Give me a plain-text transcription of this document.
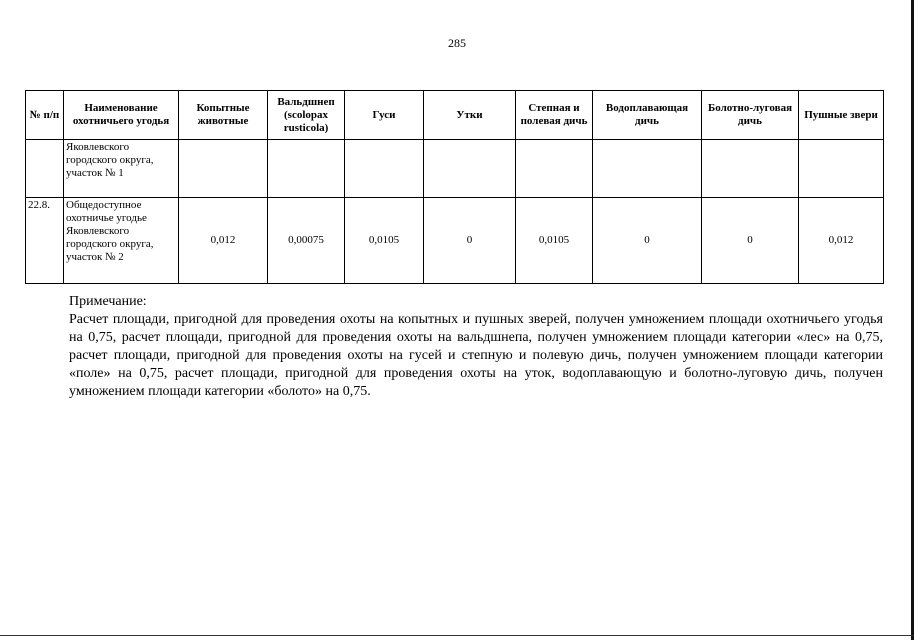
285
№ п/п	Наименование охотничьего угодья	Копытные животные	Вальдшнеп (scolopax rusticola)	Гуси	Утки	Степная и полевая дичь	Водоплавающая дичь	Болотно-луговая дичь	Пушные звери
	Яковлевского городского округа, участок № 1								
22.8.	Общедоступное охотничье угодье Яковлевского городского округа, участок № 2	0,012	0,00075	0,0105	0	0,0105	0	0	0,012

Примечание:

Расчет площади, пригодной для проведения охоты на копытных и пушных зверей, получен умножением площади охотничьего угодья на 0,75, расчет площади, пригодной для проведения охоты на вальдшнепа, получен умножением площади категории «лес» на 0,75, расчет площади, пригодной для проведения охоты на гусей и степную и полевую дичь, получен умножением площади категории «поле» на 0,75, расчет площади, пригодной для проведения охоты на уток, водоплавающую и болотно-луговую дичь, получен умножением площади категории «болото» на 0,75.
